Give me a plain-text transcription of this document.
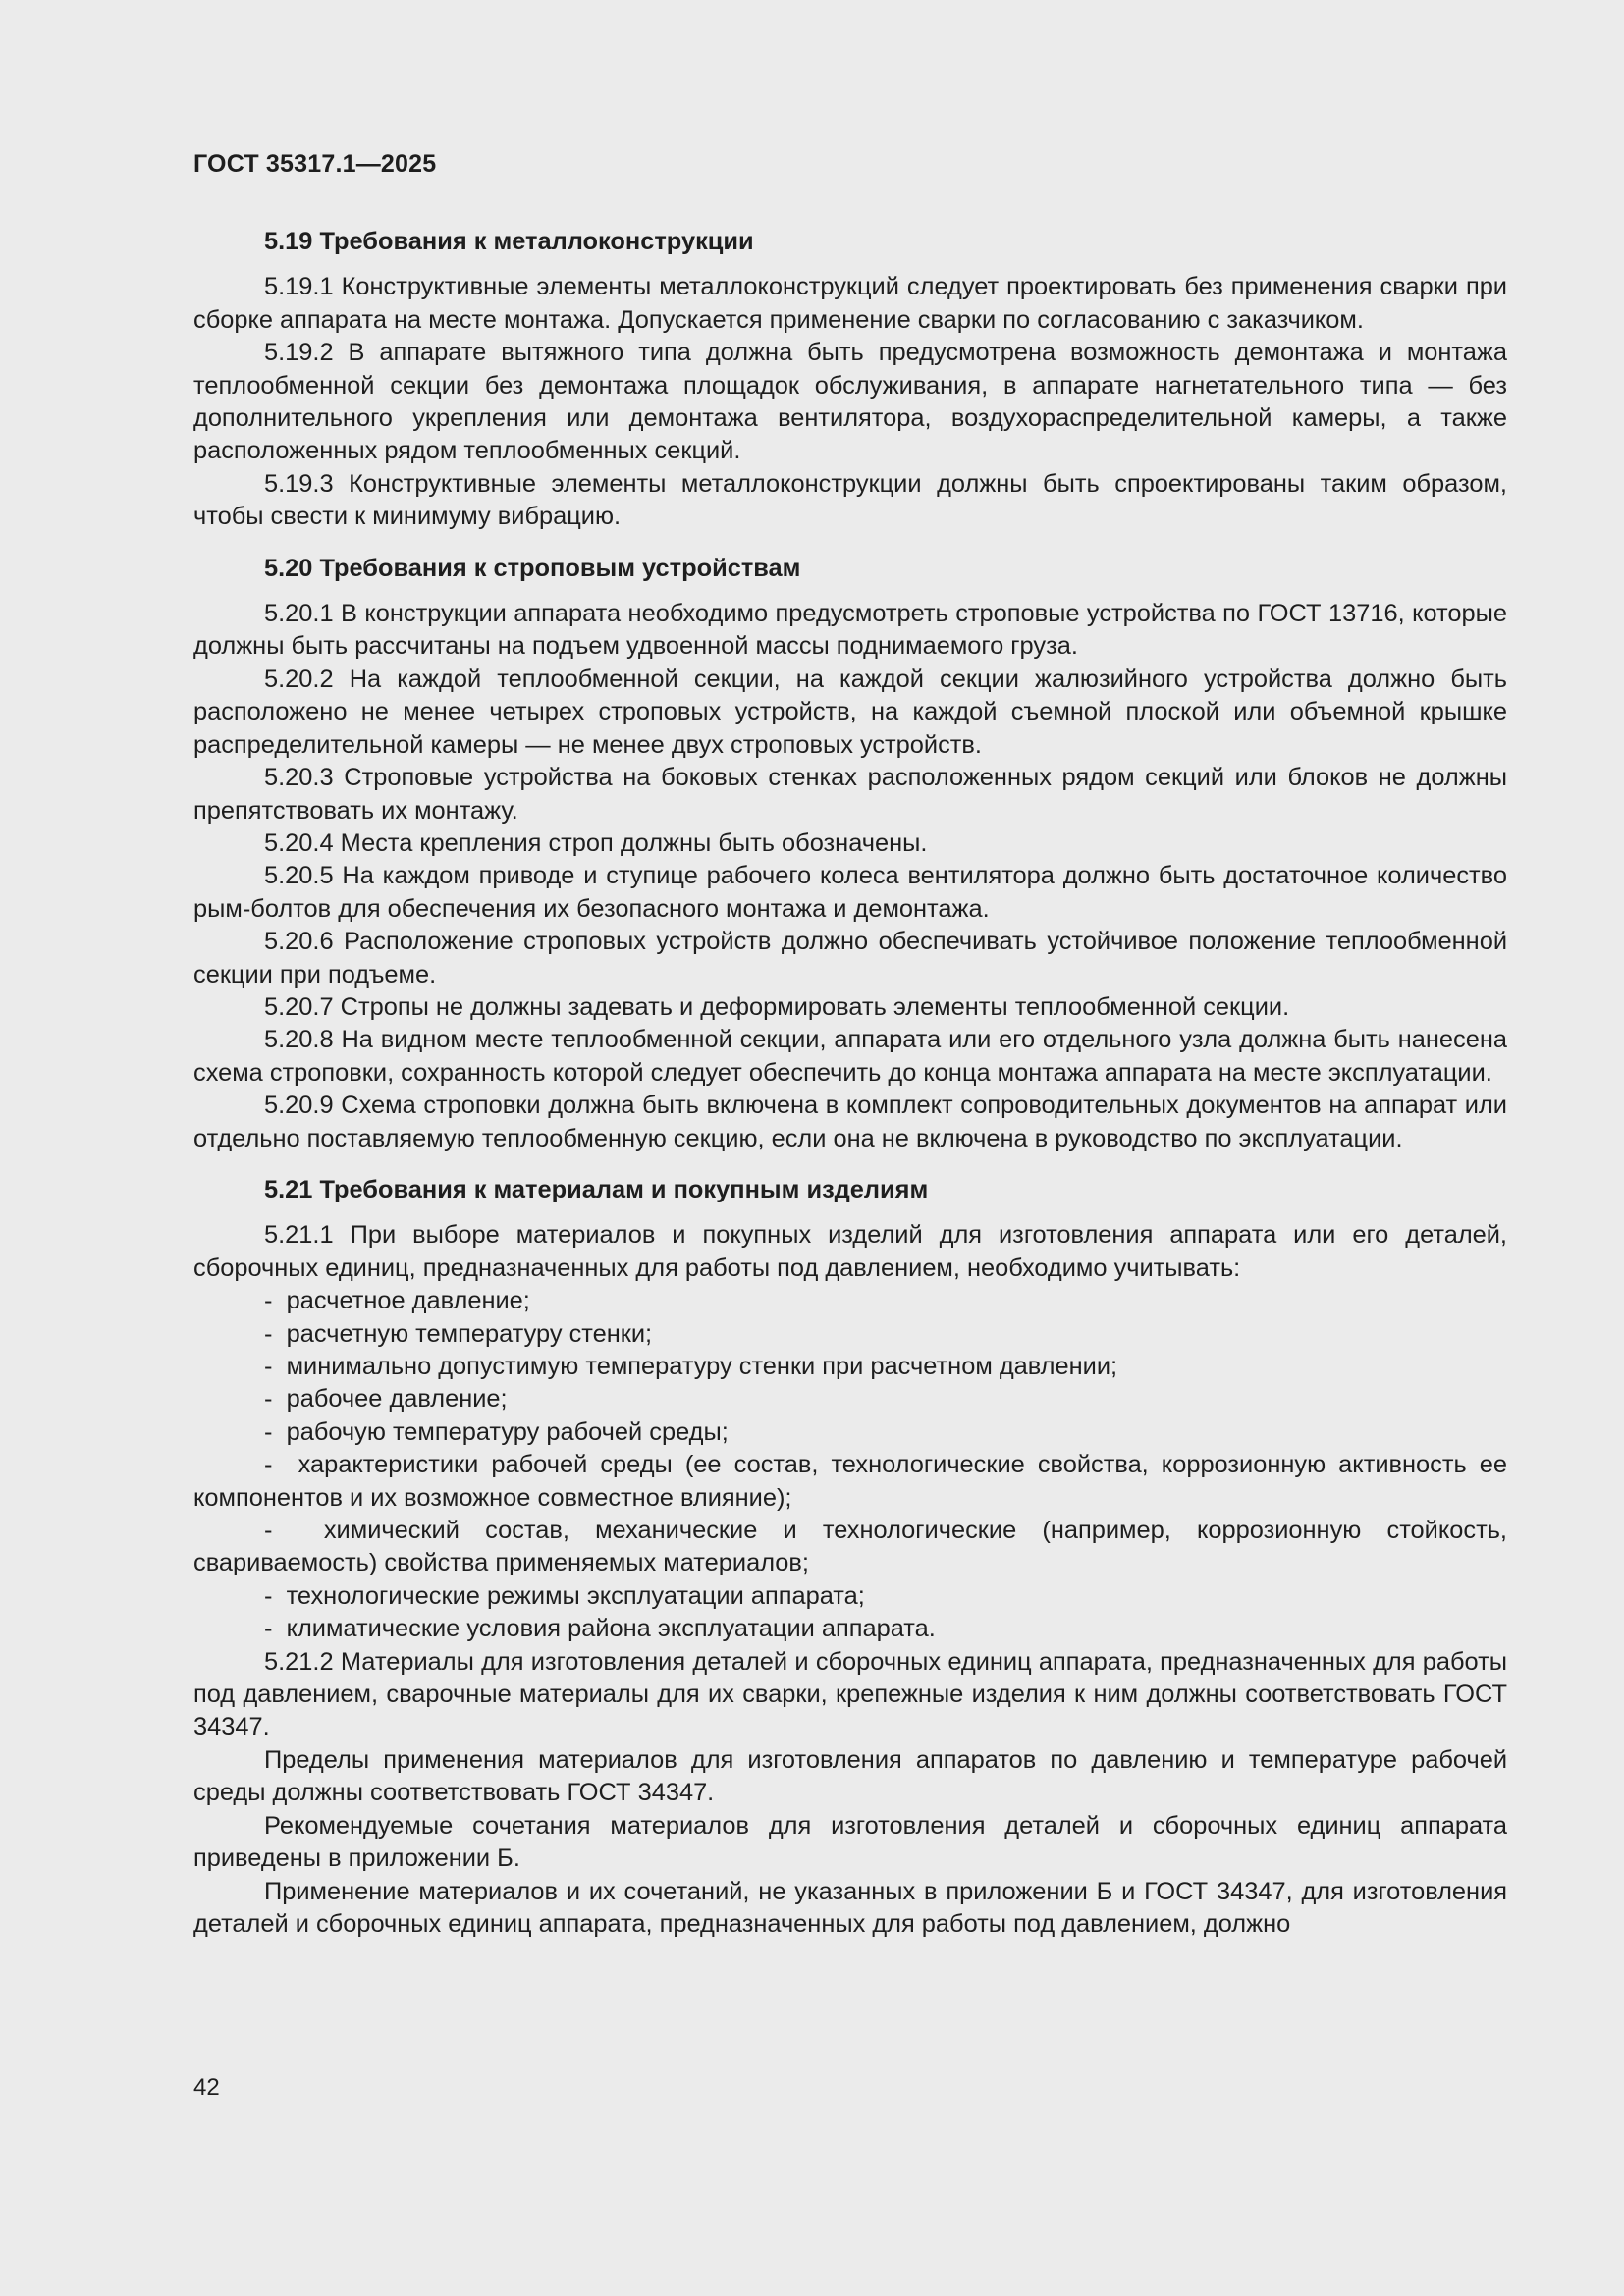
ГОСТ 35317.1—2025

5.19 Требования к металлоконструкции

5.19.1 Конструктивные элементы металлоконструкций следует проектировать без применения сварки при сборке аппарата на месте монтажа. Допускается применение сварки по согласованию с заказчиком.

5.19.2 В аппарате вытяжного типа должна быть предусмотрена возможность демонтажа и монтажа теплообменной секции без демонтажа площадок обслуживания, в аппарате нагнетательного типа — без дополнительного укрепления или демонтажа вентилятора, воздухораспределительной камеры, а также расположенных рядом теплообменных секций.

5.19.3 Конструктивные элементы металлоконструкции должны быть спроектированы таким образом, чтобы свести к минимуму вибрацию.

5.20 Требования к строповым устройствам

5.20.1 В конструкции аппарата необходимо предусмотреть строповые устройства по ГОСТ 13716, которые должны быть рассчитаны на подъем удвоенной массы поднимаемого груза.

5.20.2 На каждой теплообменной секции, на каждой секции жалюзийного устройства должно быть расположено не менее четырех строповых устройств, на каждой съемной плоской или объемной крышке распределительной камеры — не менее двух строповых устройств.

5.20.3 Строповые устройства на боковых стенках расположенных рядом секций или блоков не должны препятствовать их монтажу.

5.20.4 Места крепления строп должны быть обозначены.

5.20.5 На каждом приводе и ступице рабочего колеса вентилятора должно быть достаточное количество рым-болтов для обеспечения их безопасного монтажа и демонтажа.

5.20.6 Расположение строповых устройств должно обеспечивать устойчивое положение теплообменной секции при подъеме.

5.20.7 Стропы не должны задевать и деформировать элементы теплообменной секции.

5.20.8 На видном месте теплообменной секции, аппарата или его отдельного узла должна быть нанесена схема строповки, сохранность которой следует обеспечить до конца монтажа аппарата на месте эксплуатации.

5.20.9 Схема строповки должна быть включена в комплект сопроводительных документов на аппарат или отдельно поставляемую теплообменную секцию, если она не включена в руководство по эксплуатации.

5.21 Требования к материалам и покупным изделиям

5.21.1 При выборе материалов и покупных изделий для изготовления аппарата или его деталей, сборочных единиц, предназначенных для работы под давлением, необходимо учитывать:

-  расчетное давление;
-  расчетную температуру стенки;
-  минимально допустимую температуру стенки при расчетном давлении;
-  рабочее давление;
-  рабочую температуру рабочей среды;
-  характеристики рабочей среды (ее состав, технологические свойства, коррозионную активность ее компонентов и их возможное совместное влияние);
-  химический состав, механические и технологические (например, коррозионную стойкость, свариваемость) свойства применяемых материалов;
-  технологические режимы эксплуатации аппарата;
-  климатические условия района эксплуатации аппарата.

5.21.2 Материалы для изготовления деталей и сборочных единиц аппарата, предназначенных для работы под давлением, сварочные материалы для их сварки, крепежные изделия к ним должны соответствовать ГОСТ 34347.

Пределы применения материалов для изготовления аппаратов по давлению и температуре рабочей среды должны соответствовать ГОСТ 34347.

Рекомендуемые сочетания материалов для изготовления деталей и сборочных единиц аппарата приведены в приложении Б.

Применение материалов и их сочетаний, не указанных в приложении Б и ГОСТ 34347, для изготовления деталей и сборочных единиц аппарата, предназначенных для работы под давлением, должно

42
